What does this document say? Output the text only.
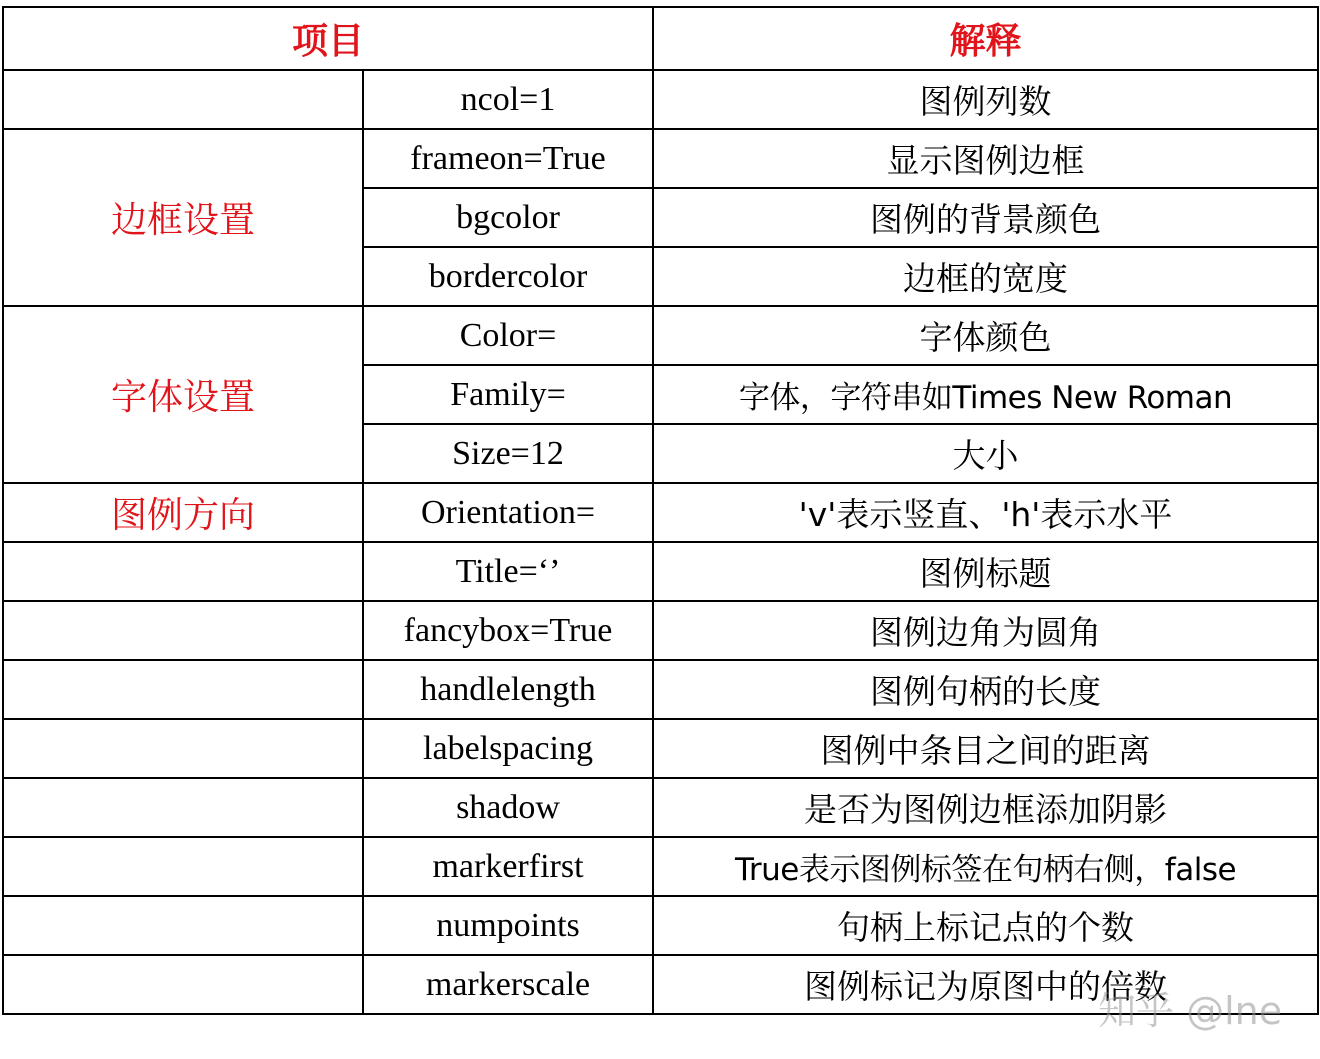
项目		解释
	ncol=1	图例列数
边框设置	frameon=True	显示图例边框
	bgcolor	图例的背景颜色
	bordercolor	边框的宽度
字体设置	Color=	字体颜色
	Family=	字体，字符串如Times New Roman
	Size=12	大小
图例方向	Orientation=	'v'表示竖直、'h'表示水平
	Title=‘’	图例标题
	fancybox=True	图例边角为圆角
	handlelength	图例句柄的长度
	labelspacing	图例中条目之间的距离
	shadow	是否为图例边框添加阴影
	markerfirst	True表示图例标签在句柄右侧，false
	numpoints	句柄上标记点的个数
	markerscale	图例标记为原图中的倍数
知乎 @lne
